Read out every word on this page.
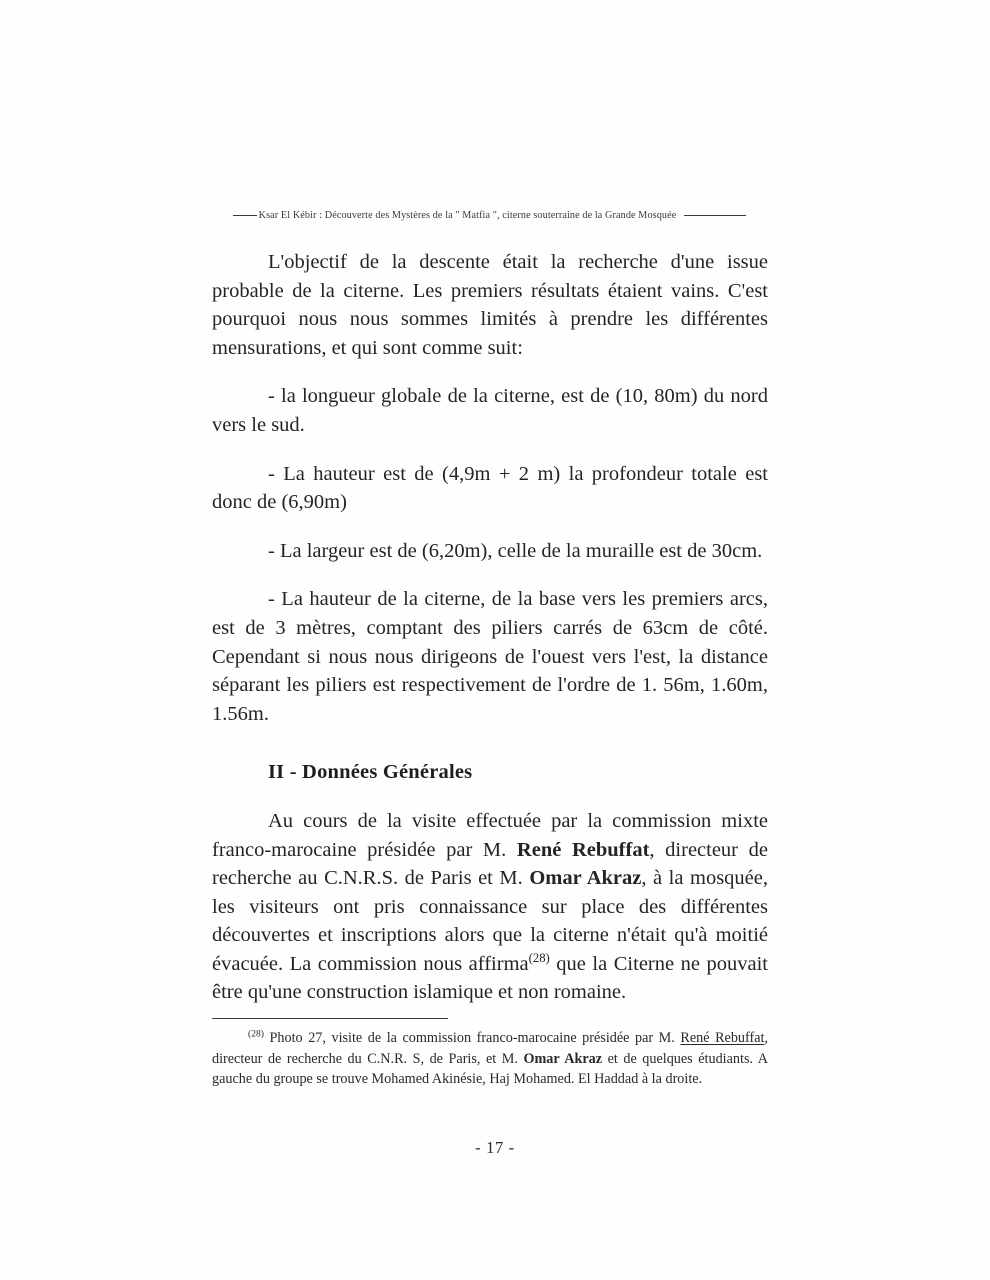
Ksar El Kébir : Découverte des Mystères de la " Matfia ", citerne souterraine de la Grande Mosquée

L'objectif de la descente était la recherche d'une issue probable de la citerne. Les premiers résultats étaient vains. C'est pourquoi nous nous sommes limités à prendre les différentes mensurations, et qui sont comme suit:

- la longueur globale de la citerne, est de (10, 80m) du nord vers le sud.

- La hauteur est de (4,9m + 2 m) la profondeur totale est donc de (6,90m)

- La largeur est de (6,20m), celle de la muraille est de 30cm.

- La hauteur de la citerne, de la base vers les premiers arcs, est de 3 mètres, comptant des piliers carrés de 63cm de côté. Cependant si nous nous dirigeons de l'ouest vers l'est, la distance séparant les piliers est respectivement de l'ordre de 1. 56m, 1.60m, 1.56m.

II - Données Générales

Au cours de la visite effectuée par la commission mixte franco-marocaine présidée par M. René Rebuffat, directeur de recherche au C.N.R.S. de Paris et M. Omar Akraz, à la mosquée, les visiteurs ont pris connaissance sur place des différentes découvertes et inscriptions alors que la citerne n'était qu'à moitié évacuée. La commission nous affirma$^{(28)}$ que la Citerne ne pouvait être qu'une construction islamique et non romaine.

$^{(28)}$ Photo 27, visite de la commission franco-marocaine présidée par M. René Rebuffat, directeur de recherche du C.N.R. S, de Paris, et M. Omar Akraz et de quelques étudiants. A gauche du groupe se trouve Mohamed Akinésie, Haj Mohamed. El Haddad à la droite.
- 17 -
